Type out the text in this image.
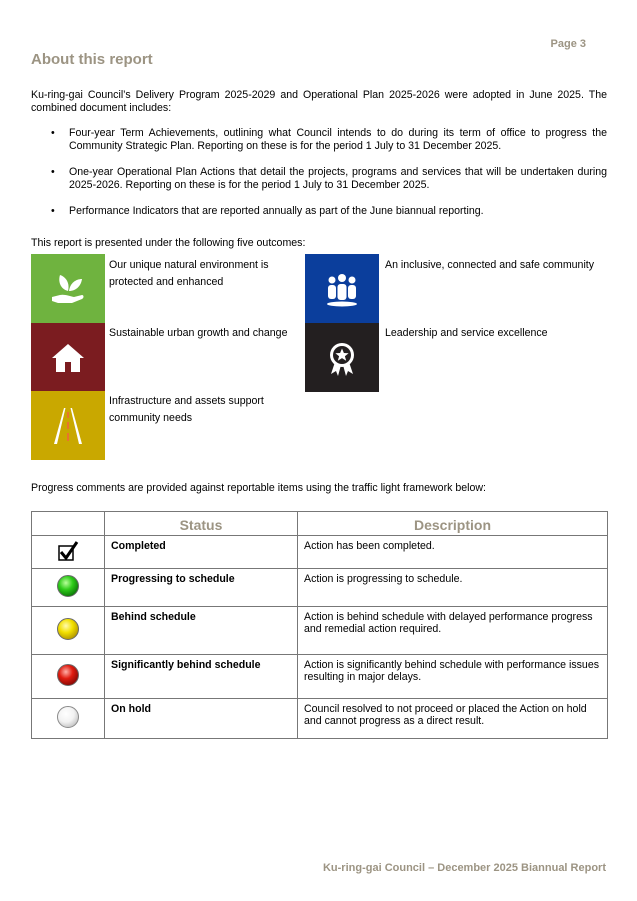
Page 3
About this report
Ku-ring-gai Council’s Delivery Program 2025-2029 and Operational Plan 2025-2026 were adopted in June 2025. The combined document includes:
• Four-year Term Achievements, outlining what Council intends to do during its term of office to progress the Community Strategic Plan. Reporting on these is for the period 1 July to 31 December 2025.
• One-year Operational Plan Actions that detail the projects, programs and services that will be undertaken during 2025-2026. Reporting on these is for the period 1 July to 31 December 2025.
• Performance Indicators that are reported annually as part of the June biannual reporting.
This report is presented under the following five outcomes:
Our unique natural environment is protected and enhanced
An inclusive, connected and safe community
Sustainable urban growth and change	Leadership and service excellence
Infrastructure and assets support community needs
Progress comments are provided against reportable items using the traffic light framework below:
	Status	Description
	Completed	Action has been completed.
	Progressing to schedule	Action is progressing to schedule.
	Behind schedule	Action is behind schedule with delayed performance progress and remedial action required.
	Significantly behind schedule	Action is significantly behind schedule with performance issues resulting in major delays.
	On hold	Council resolved to not proceed or placed the Action on hold and cannot progress as a direct result.
Ku-ring-gai Council – December 2025 Biannual Report
